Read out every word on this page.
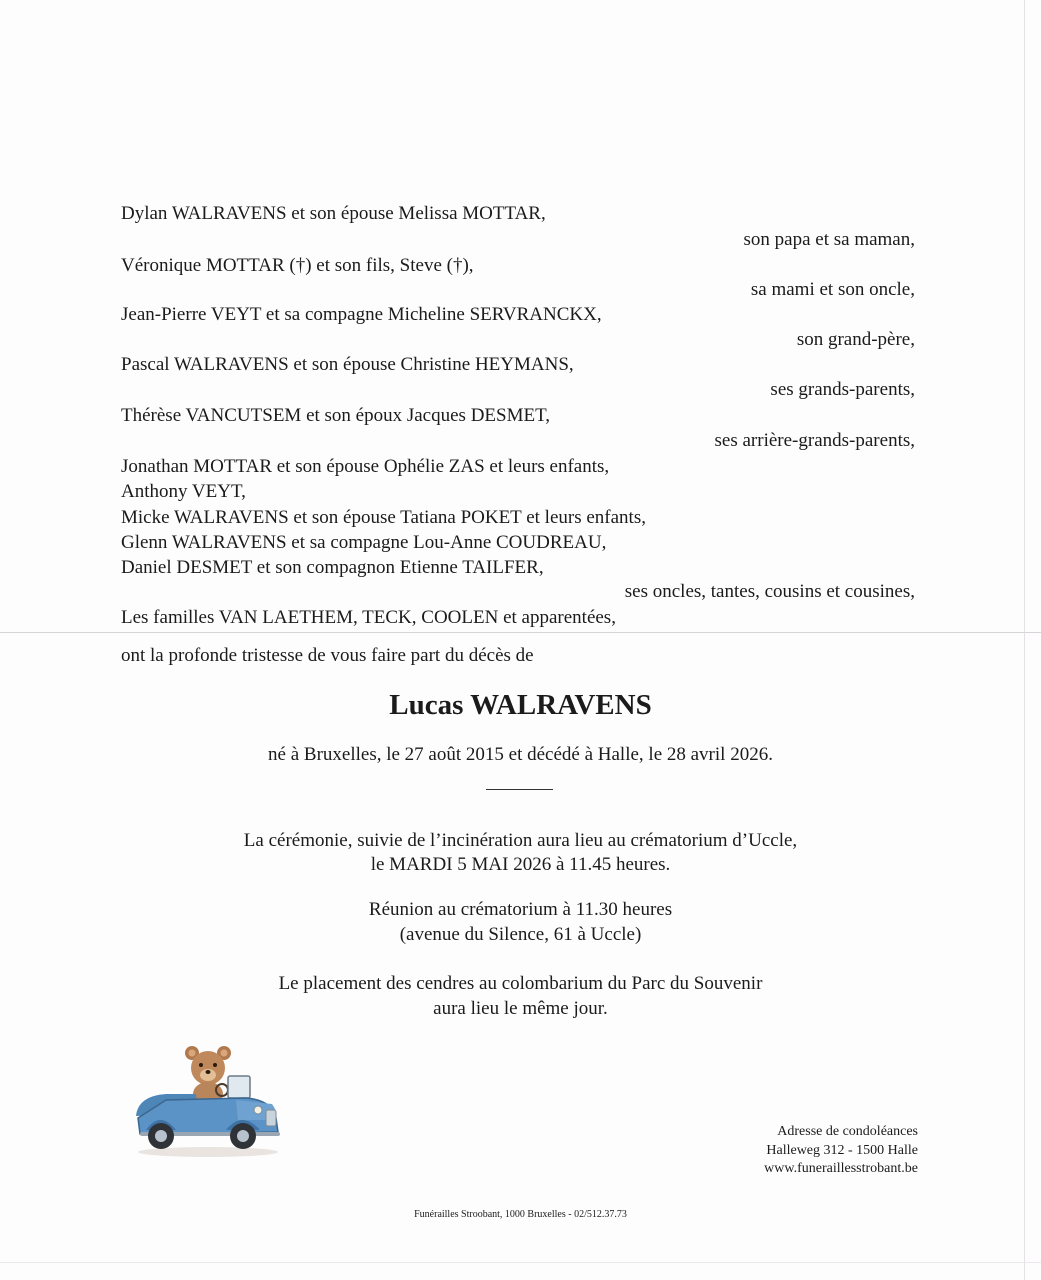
Dylan WALRAVENS et son épouse Melissa MOTTAR,
son papa et sa maman,
Véronique MOTTAR (†) et son fils, Steve (†),
sa mami et son oncle,
Jean-Pierre VEYT et sa compagne Micheline SERVRANCKX,
son grand-père,
Pascal WALRAVENS et son épouse Christine HEYMANS,
ses grands-parents,
Thérèse VANCUTSEM et son époux Jacques DESMET,
ses arrière-grands-parents,
Jonathan MOTTAR et son épouse Ophélie ZAS et leurs enfants,
Anthony VEYT,
Micke WALRAVENS et son épouse Tatiana POKET et leurs enfants,
Glenn WALRAVENS et sa compagne Lou-Anne COUDREAU,
Daniel DESMET et son compagnon Etienne TAILFER,
ses oncles, tantes, cousins et cousines,
Les familles VAN LAETHEM, TECK, COOLEN et apparentées,
ont la profonde tristesse de vous faire part du décès de
Lucas WALRAVENS
né à Bruxelles, le 27 août 2015 et décédé à Halle, le 28 avril 2026.
La cérémonie, suivie de l’incinération aura lieu au crématorium d’Uccle,
le MARDI 5 MAI 2026 à 11.45 heures.
Réunion au crématorium à 11.30 heures
(avenue du Silence, 61 à Uccle)
Le placement des cendres au colombarium du Parc du Souvenir
aura lieu le même jour.
Adresse de condoléances
Halleweg 312 - 1500 Halle
www.funeraillesstrobant.be
Funérailles Stroobant, 1000 Bruxelles - 02/512.37.73
